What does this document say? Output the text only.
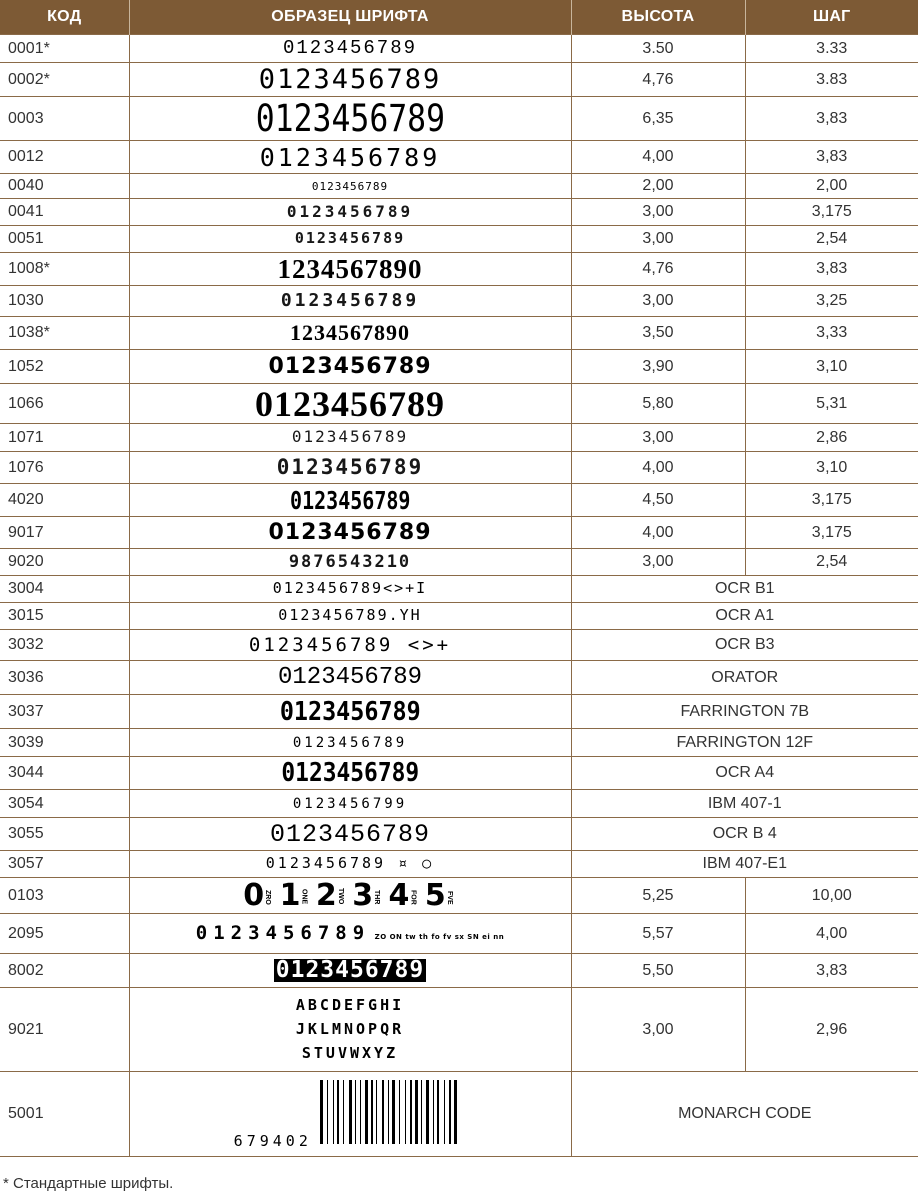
КОД	ОБРАЗЕЦ ШРИФТА	ВЫСОТА	ШАГ
0001*	0123456789	3.50	3.33
0002*	0123456789	4,76	3.83
0003	0123456789	6,35	3,83
0012	0123456789	4,00	3,83
0040	0123456789	2,00	2,00
0041	0123456789	3,00	3,175
0051	0123456789	3,00	2,54
1008*	1234567890	4,76	3,83
1030	0123456789	3,00	3,25
1038*	1234567890	3,50	3,33
1052	0123456789	3,90	3,10
1066	0123456789	5,80	5,31
1071	0123456789	3,00	2,86
1076	0123456789	4,00	3,10
4020	0123456789	4,50	3,175
9017	0123456789	4,00	3,175
9020	9876543210	3,00	2,54
3004	0123456789<>+I	OCR B1	
3015	0123456789.YH	OCR A1	
3032	0123456789 <>+	OCR B3	
3036	0123456789	ORATOR	
3037	0123456789	FARRINGTON 7B	
3039	0123456789	FARRINGTON 12F	
3044	0123456789	OCR A4	
3054	0123456799	IBM 407-1	
3055	0123456789	OCR B 4	
3057	0123456789 ¤ ○	IBM 407-E1	
0103	0ZRO 1ONE 2TWO 3THR 4FOR 5FVE	5,25	10,00
2095	0123456789 ZO ON tw th fo fv sx SN ei nn	5,57	4,00
8002	0123456789	5,50	3,83
9021	ABCDEFGHI
JKLMNOPQR
STUVWXYZ	3,00	2,96
5001	679402	MONARCH CODE	
* Стандартные шрифты.
